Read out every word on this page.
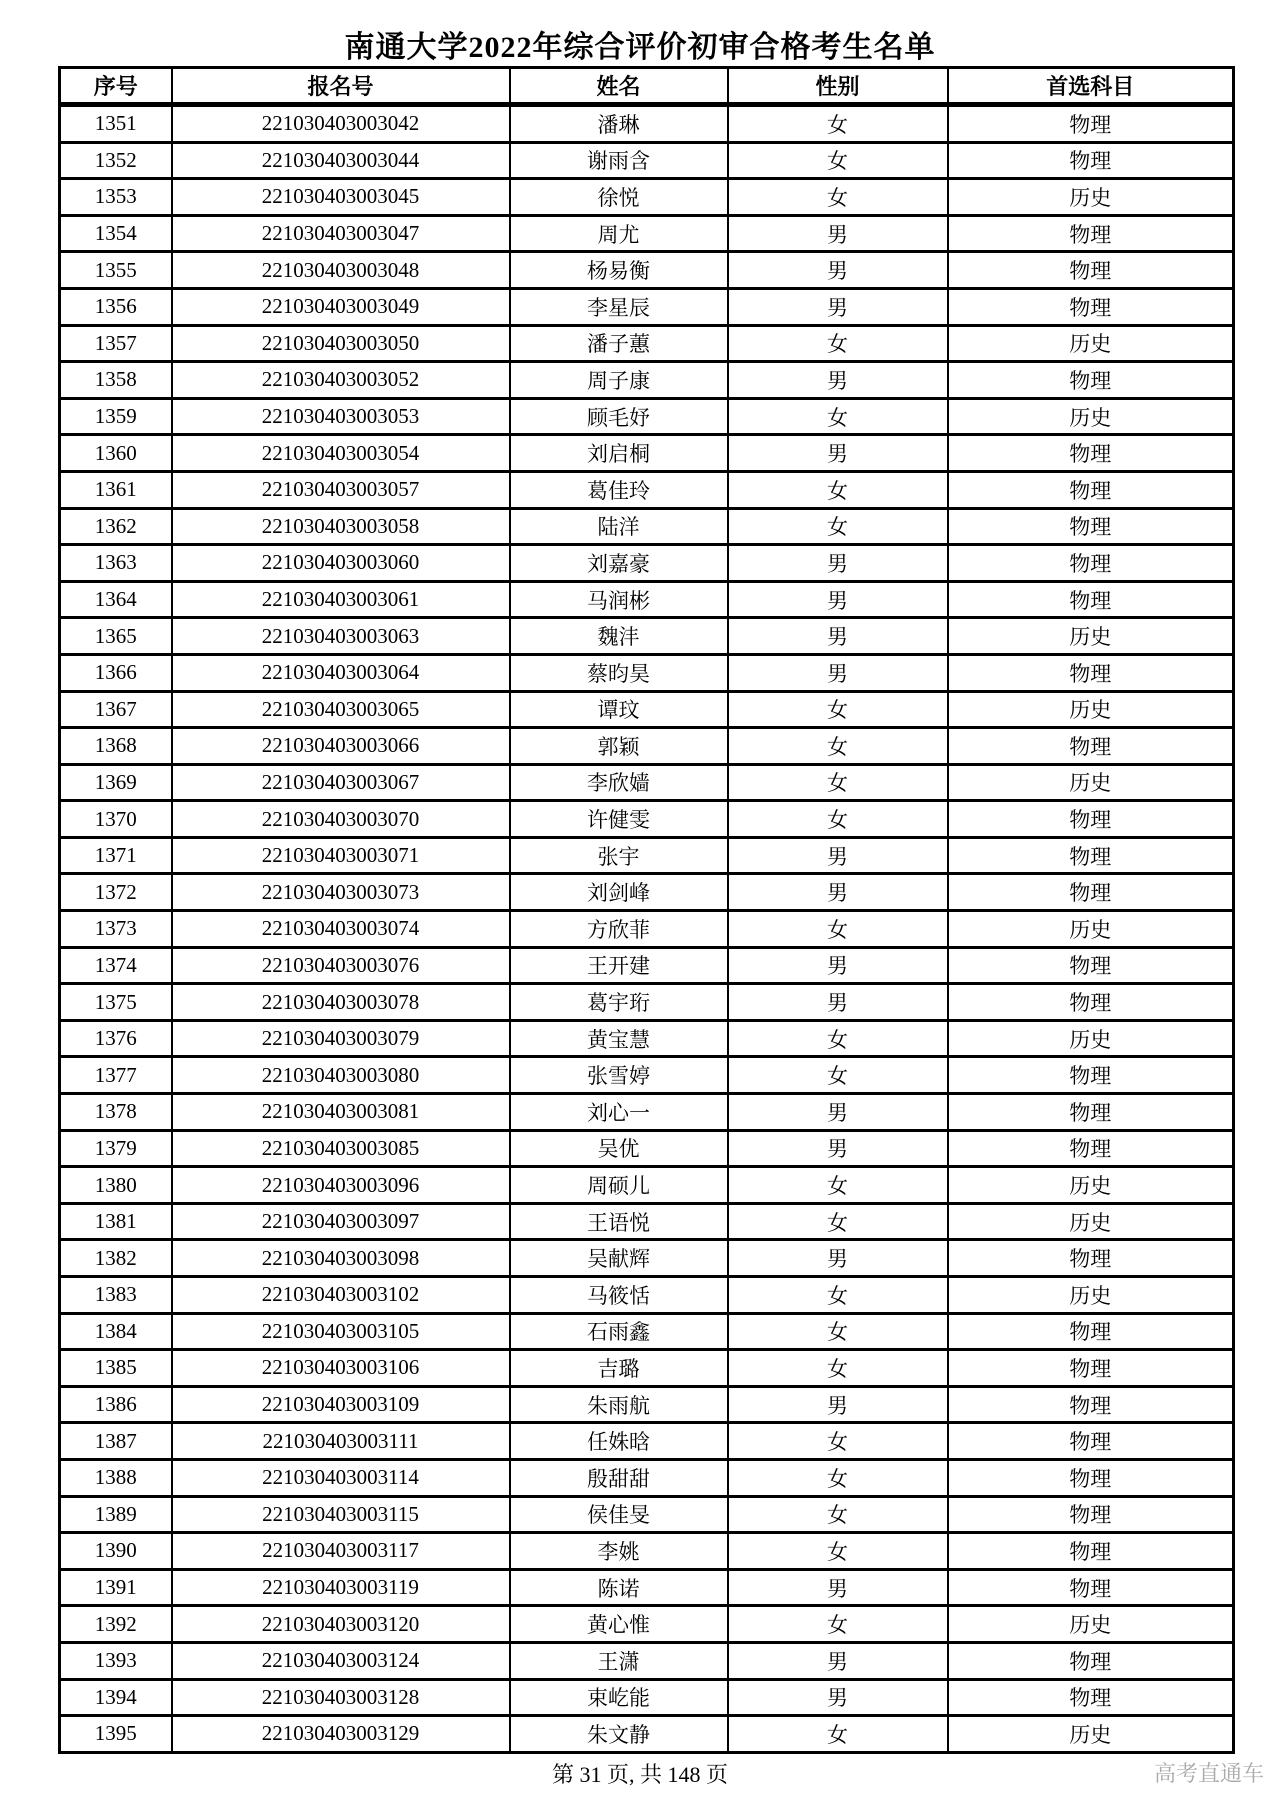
南通大学2022年综合评价初审合格考生名单
序号	报名号	姓名	性别	首选科目
1351	221030403003042	潘琳	女	物理
1352	221030403003044	谢雨含	女	物理
1353	221030403003045	徐悦	女	历史
1354	221030403003047	周尤	男	物理
1355	221030403003048	杨易衡	男	物理
1356	221030403003049	李星辰	男	物理
1357	221030403003050	潘子蕙	女	历史
1358	221030403003052	周子康	男	物理
1359	221030403003053	顾毛妤	女	历史
1360	221030403003054	刘启桐	男	物理
1361	221030403003057	葛佳玲	女	物理
1362	221030403003058	陆洋	女	物理
1363	221030403003060	刘嘉豪	男	物理
1364	221030403003061	马润彬	男	物理
1365	221030403003063	魏沣	男	历史
1366	221030403003064	蔡昀昊	男	物理
1367	221030403003065	谭玟	女	历史
1368	221030403003066	郭颖	女	物理
1369	221030403003067	李欣嫱	女	历史
1370	221030403003070	许健雯	女	物理
1371	221030403003071	张宇	男	物理
1372	221030403003073	刘剑峰	男	物理
1373	221030403003074	方欣菲	女	历史
1374	221030403003076	王开建	男	物理
1375	221030403003078	葛宇珩	男	物理
1376	221030403003079	黄宝慧	女	历史
1377	221030403003080	张雪婷	女	物理
1378	221030403003081	刘心一	男	物理
1379	221030403003085	吴优	男	物理
1380	221030403003096	周硕儿	女	历史
1381	221030403003097	王语悦	女	历史
1382	221030403003098	吴献辉	男	物理
1383	221030403003102	马筱恬	女	历史
1384	221030403003105	石雨鑫	女	物理
1385	221030403003106	吉璐	女	物理
1386	221030403003109	朱雨航	男	物理
1387	221030403003111	任姝晗	女	物理
1388	221030403003114	殷甜甜	女	物理
1389	221030403003115	侯佳旻	女	物理
1390	221030403003117	李姚	女	物理
1391	221030403003119	陈诺	男	物理
1392	221030403003120	黄心惟	女	历史
1393	221030403003124	王潇	男	物理
1394	221030403003128	束屹能	男	物理
1395	221030403003129	朱文静	女	历史
第 31 页, 共 148 页	高考直通车
